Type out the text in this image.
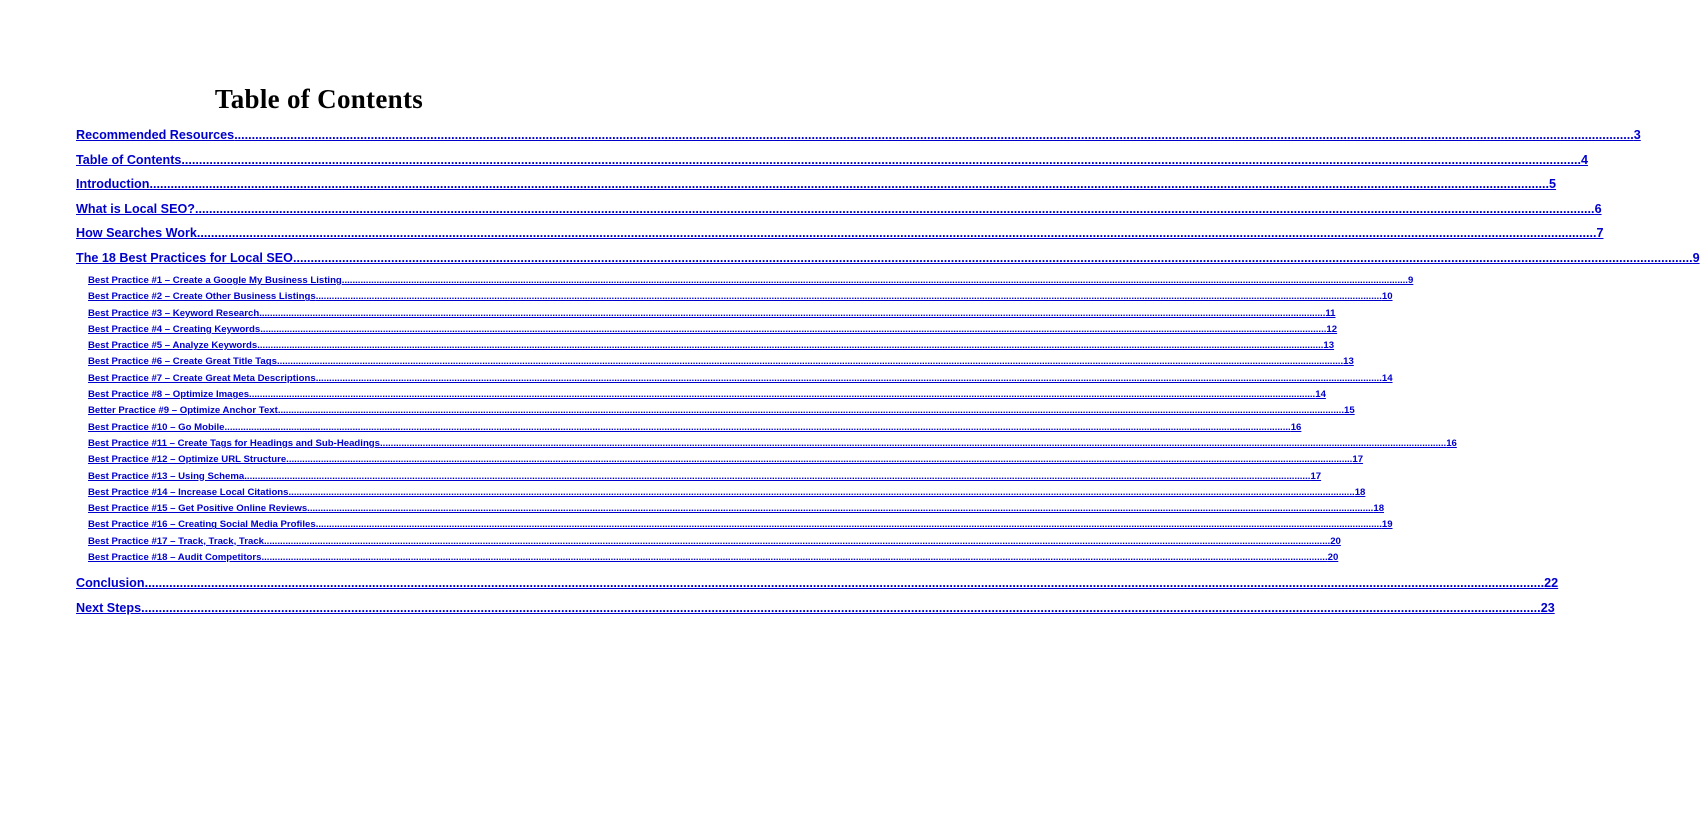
Table of Contents
Recommended Resources ................................................................................................................................................................................................................................................................................................................................................................................................................ 3
Table of Contents ................................................................................................................................................................................................................................................................................................................................................................................................................ 4
Introduction ................................................................................................................................................................................................................................................................................................................................................................................................................ 5
What is Local SEO? ................................................................................................................................................................................................................................................................................................................................................................................................................ 6
How Searches Work ................................................................................................................................................................................................................................................................................................................................................................................................................ 7
The 18 Best Practices for Local SEO ................................................................................................................................................................................................................................................................................................................................................................................................................ 9
Best Practice #1 – Create a Google My Business Listing ................................................................................................................................................................................................................................................................................................................................................................................................................ 9
Best Practice #2 – Create Other Business Listings ................................................................................................................................................................................................................................................................................................................................................................................................................ 10
Best Practice #3 – Keyword Research ................................................................................................................................................................................................................................................................................................................................................................................................................ 11
Best Practice #4 – Creating Keywords ................................................................................................................................................................................................................................................................................................................................................................................................................ 12
Best Practice #5 – Analyze Keywords ................................................................................................................................................................................................................................................................................................................................................................................................................ 13
Best Practice #6 – Create Great Title Tags ................................................................................................................................................................................................................................................................................................................................................................................................................ 13
Best Practice #7 – Create Great Meta Descriptions ................................................................................................................................................................................................................................................................................................................................................................................................................ 14
Best Practice #8 – Optimize Images ................................................................................................................................................................................................................................................................................................................................................................................................................ 14
Better Practice #9 – Optimize Anchor Text ................................................................................................................................................................................................................................................................................................................................................................................................................ 15
Best Practice #10 – Go Mobile ................................................................................................................................................................................................................................................................................................................................................................................................................ 16
Best Practice #11 – Create Tags for Headings and Sub-Headings ................................................................................................................................................................................................................................................................................................................................................................................................................ 16
Best Practice #12 – Optimize URL Structure ................................................................................................................................................................................................................................................................................................................................................................................................................ 17
Best Practice #13 – Using Schema ................................................................................................................................................................................................................................................................................................................................................................................................................ 17
Best Practice #14 – Increase Local Citations ................................................................................................................................................................................................................................................................................................................................................................................................................ 18
Best Practice #15 – Get Positive Online Reviews ................................................................................................................................................................................................................................................................................................................................................................................................................ 18
Best Practice #16 – Creating Social Media Profiles ................................................................................................................................................................................................................................................................................................................................................................................................................ 19
Best Practice #17 – Track, Track, Track ................................................................................................................................................................................................................................................................................................................................................................................................................ 20
Best Practice #18 – Audit Competitors ................................................................................................................................................................................................................................................................................................................................................................................................................ 20
Conclusion ................................................................................................................................................................................................................................................................................................................................................................................................................ 22
Next Steps ................................................................................................................................................................................................................................................................................................................................................................................................................ 23
